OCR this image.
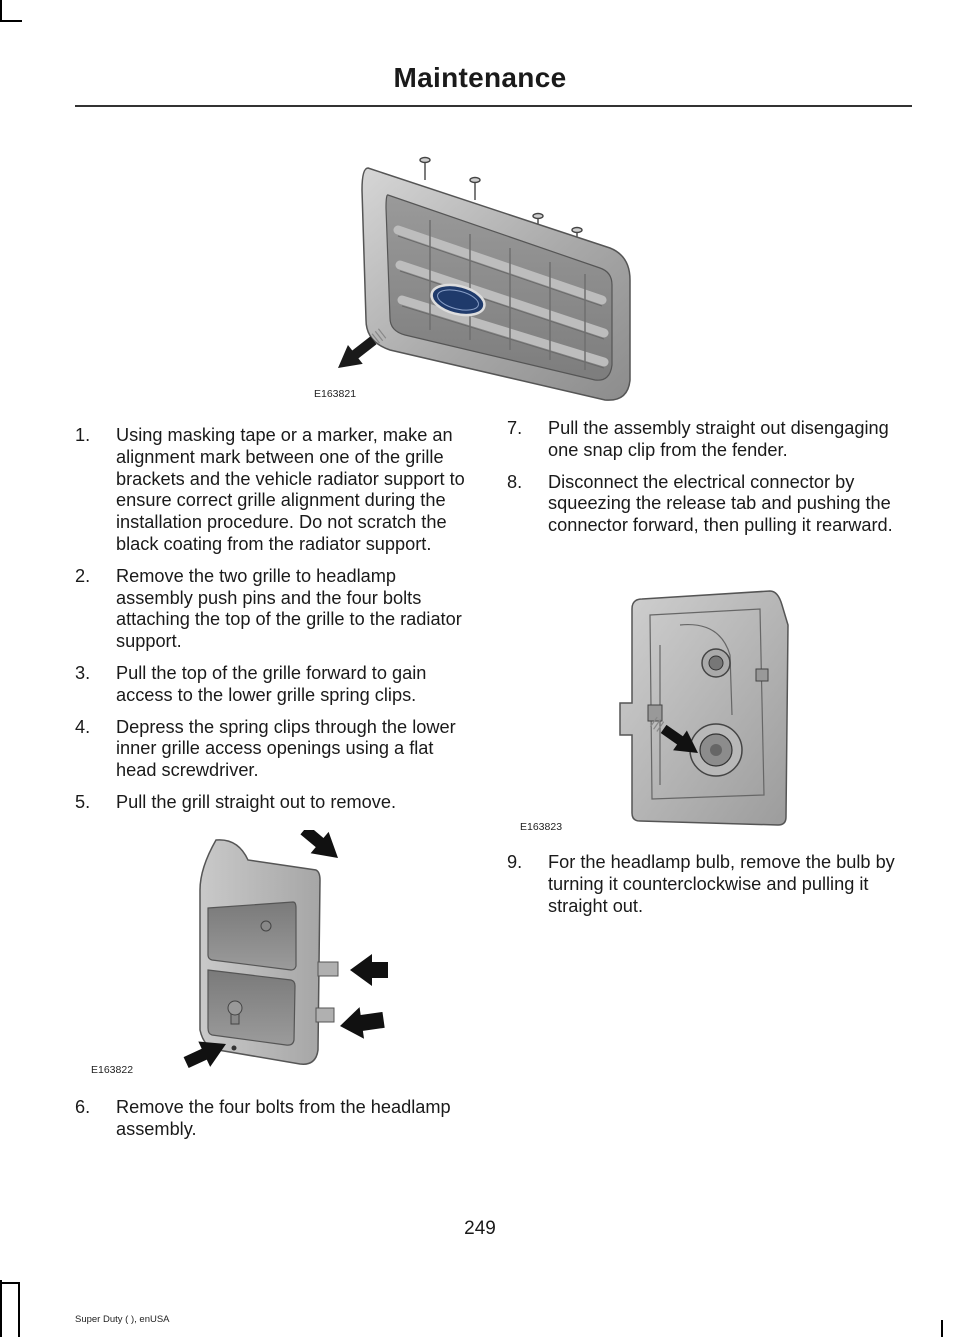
Maintenance
E163821
1. Using masking tape or a marker, make an alignment mark between one of the grille brackets and the vehicle radiator support to ensure correct grille alignment during the installation procedure. Do not scratch the black coating from the radiator support.
2. Remove the two grille to headlamp assembly push pins and the four bolts attaching the top of the grille to the radiator support.
3. Pull the top of the grille forward to gain access to the lower grille spring clips.
4. Depress the spring clips through the lower inner grille access openings using a flat head screwdriver.
5. Pull the grill straight out to remove.
E163822
6. Remove the four bolts from the headlamp assembly.
7. Pull the assembly straight out disengaging one snap clip from the fender.
8. Disconnect the electrical connector by squeezing the release tab and pushing the connector forward, then pulling it rearward.
E163823
9. For the headlamp bulb, remove the bulb by turning it counterclockwise and pulling it straight out.
249
Super Duty ( ), enUSA
